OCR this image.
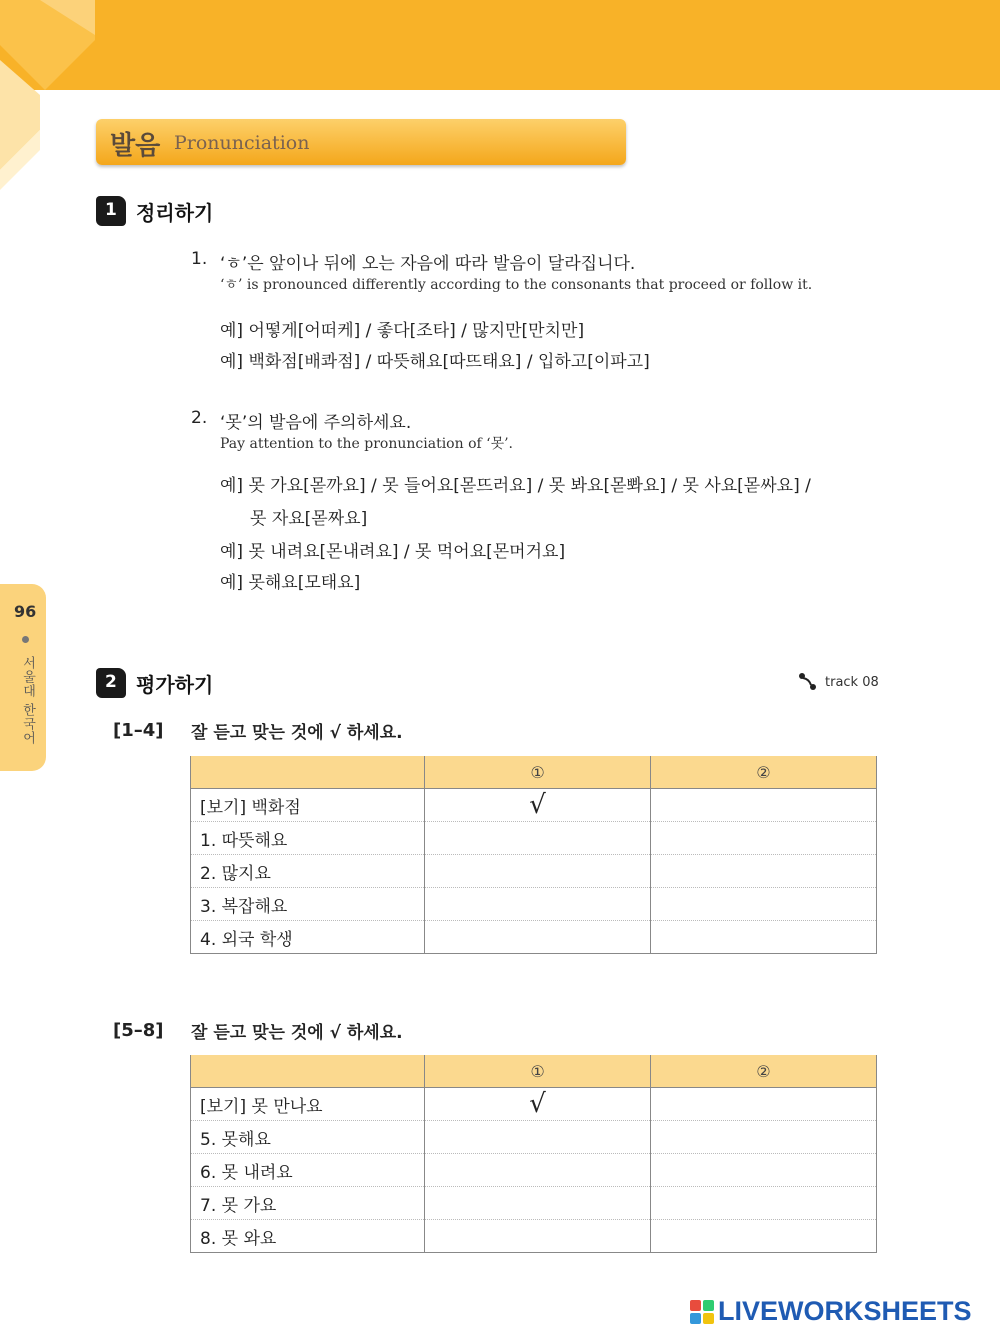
발음 Pronunciation
1 정리하기
1. ‘ㅎ’은 앞이나 뒤에 오는 자음에 따라 발음이 달라집니다.
‘ㅎ’ is pronounced differently according to the consonants that proceed or follow it.
예] 어떻게[어떠케] / 좋다[조타] / 많지만[만치만]
예] 백화점[배콰점] / 따뜻해요[따뜨태요] / 입하고[이파고]
2. ‘못’의 발음에 주의하세요.
Pay attention to the pronunciation of ‘못’.
예] 못 가요[몯까요] / 못 들어요[몯뜨러요] / 못 봐요[몯뽜요] / 못 사요[몯싸요] /
못 자요[몯짜요]
예] 못 내려요[몬내려요] / 못 먹어요[몬머거요]
예] 못해요[모태요]
96
서울대 한국어	2 평가하기	track 08
[1–4]	잘 듣고 맞는 것에 √ 하세요.
	①	②
[보기] 백화점	√	
1. 따뜻해요		
2. 많지요		
3. 복잡해요		
4. 외국 학생		
[5–8]	잘 듣고 맞는 것에 √ 하세요.
	①	②
[보기] 못 만나요	√	
5. 못해요		
6. 못 내려요		
7. 못 가요		
8. 못 와요		
LIVEWORKSHEETS
